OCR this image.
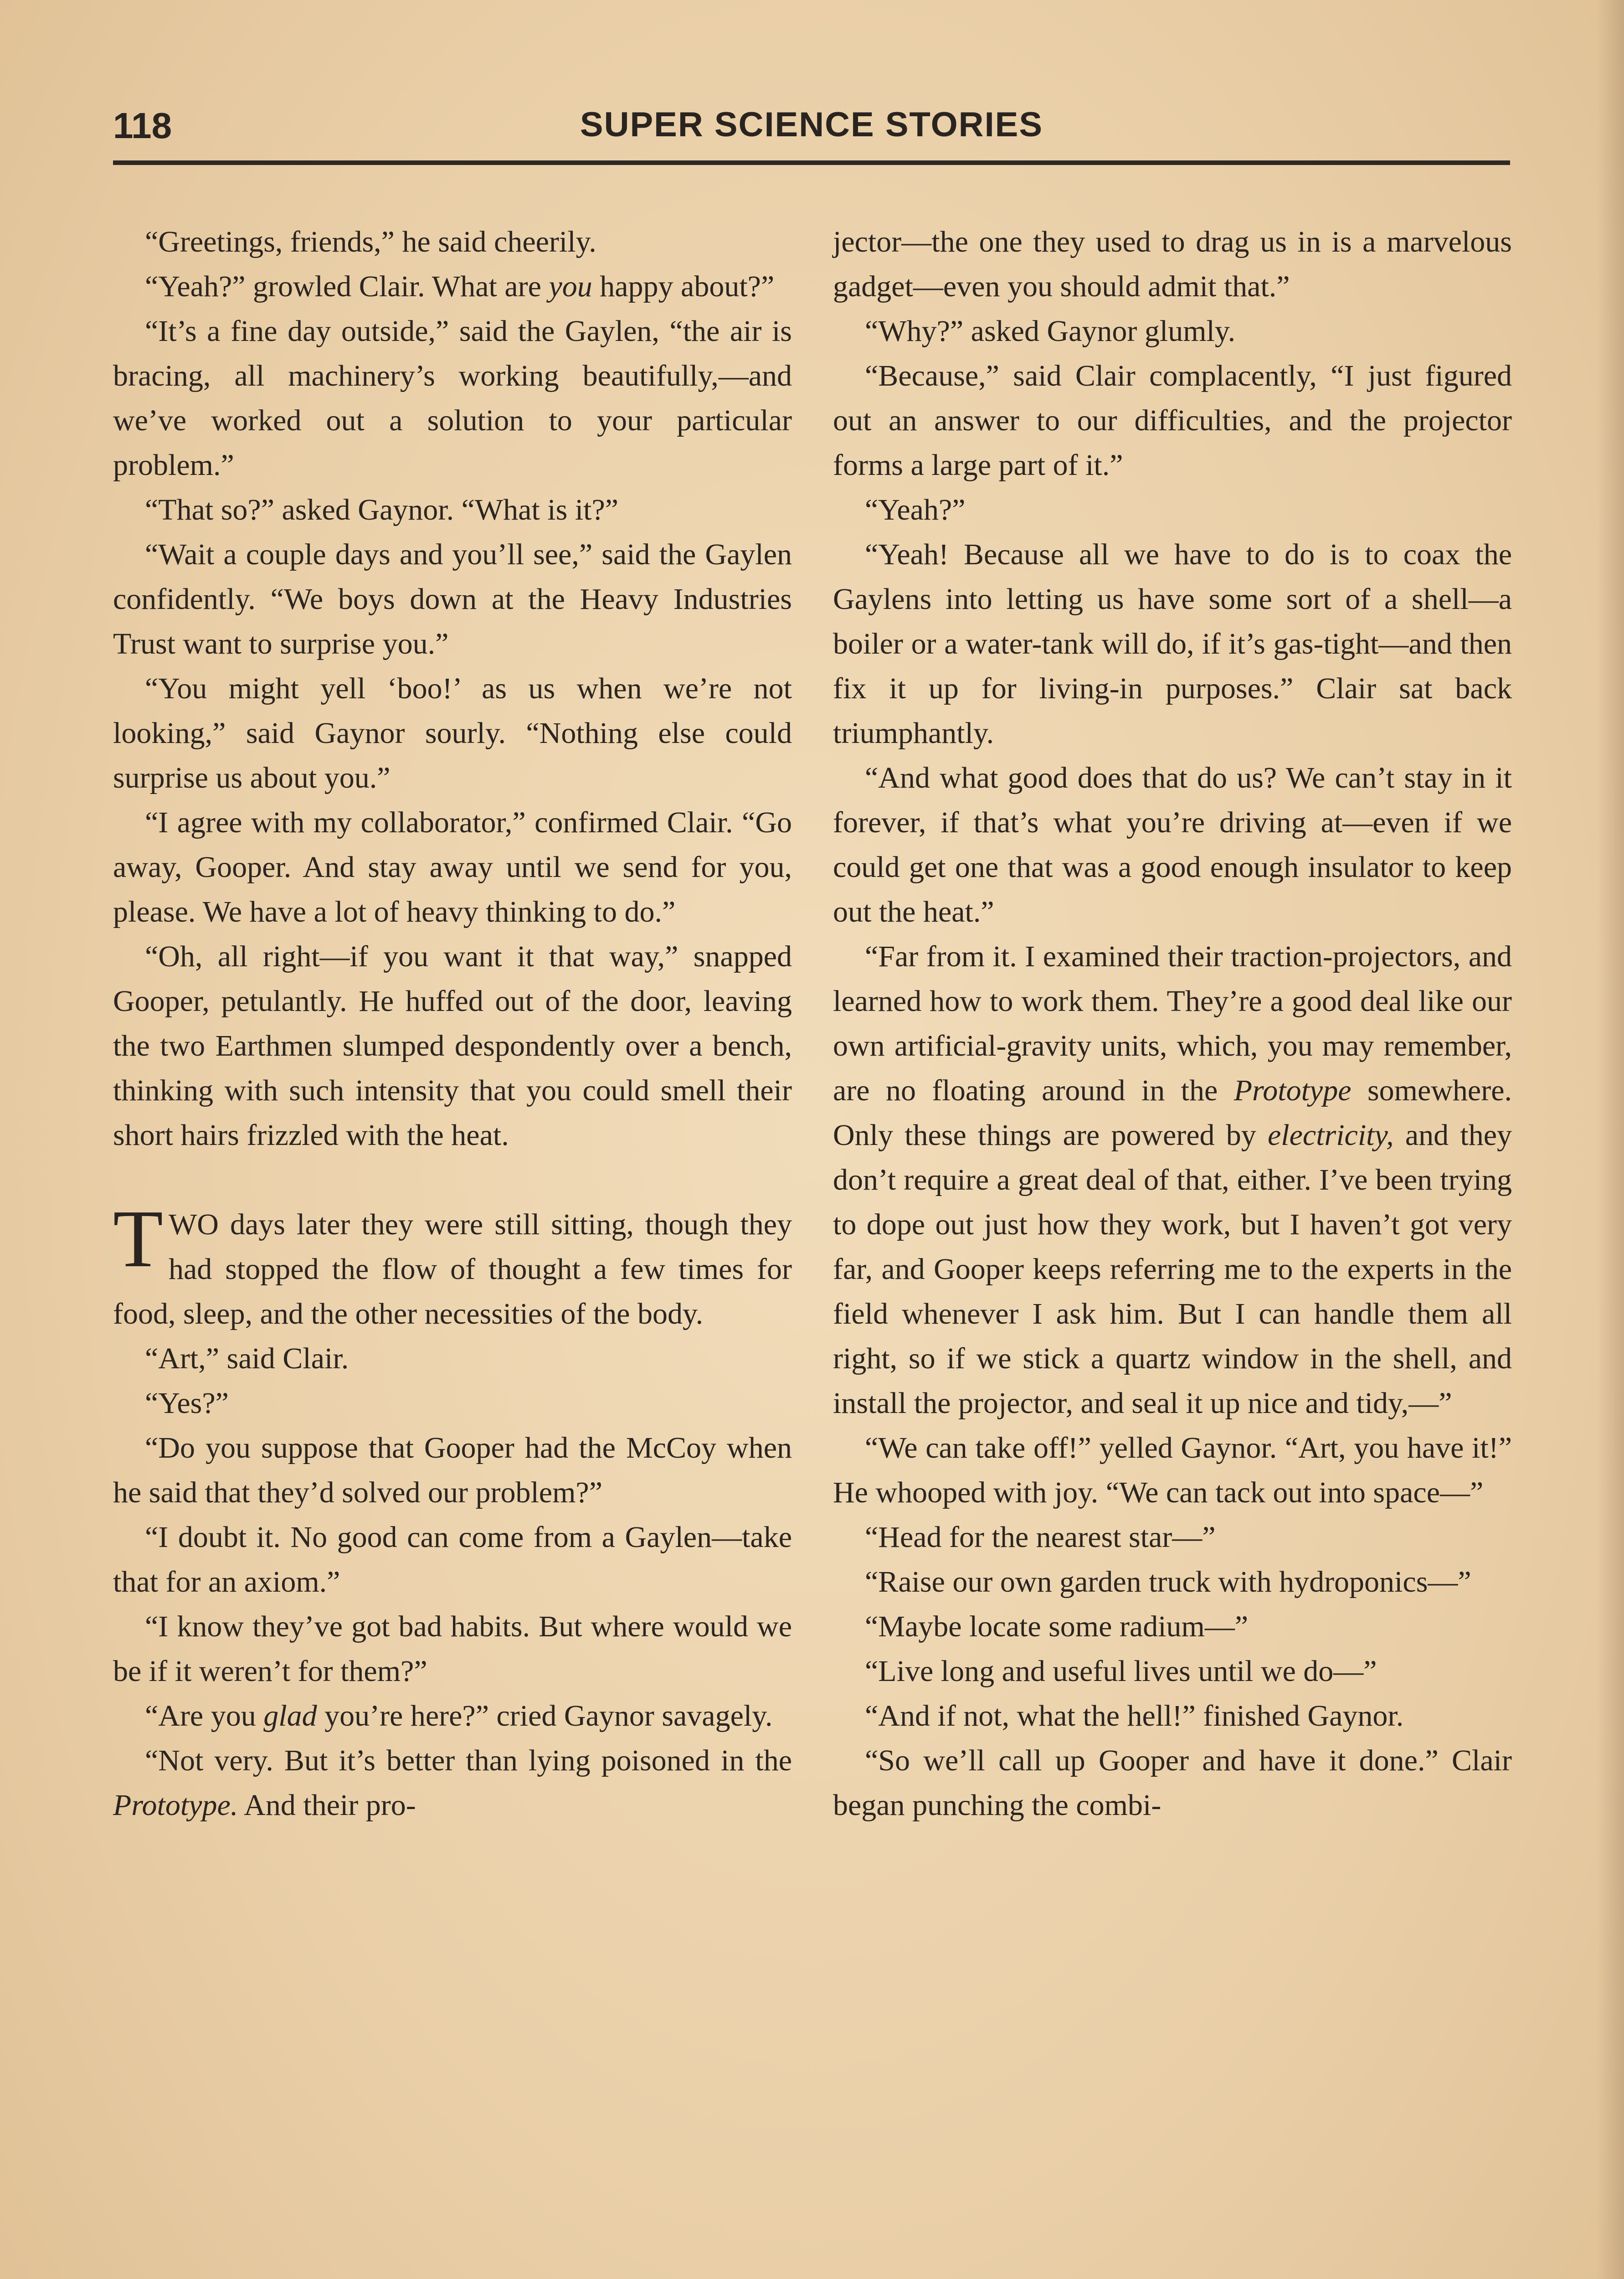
118	SUPER SCIENCE STORIES

“Greetings, friends,” he said cheerily.

“Yeah?” growled Clair. What are you happy about?”

“It’s a fine day outside,” said the Gaylen, “the air is bracing, all machinery’s working beautifully,—and we’ve worked out a solution to your particular problem.”

“That so?” asked Gaynor. “What is it?”

“Wait a couple days and you’ll see,” said the Gaylen confidently. “We boys down at the Heavy Industries Trust want to surprise you.”

“You might yell ‘boo!’ as us when we’re not looking,” said Gaynor sourly. “Nothing else could surprise us about you.”

“I agree with my collaborator,” confirmed Clair. “Go away, Gooper. And stay away until we send for you, please. We have a lot of heavy thinking to do.”

“Oh, all right—if you want it that way,” snapped Gooper, petulantly. He huffed out of the door, leaving the two Earthmen slumped despondently over a bench, thinking with such intensity that you could smell their short hairs frizzled with the heat.

TWO days later they were still sitting, though they had stopped the flow of thought a few times for food, sleep, and the other necessities of the body.

“Art,” said Clair.

“Yes?”

“Do you suppose that Gooper had the McCoy when he said that they’d solved our problem?”

“I doubt it. No good can come from a Gaylen—take that for an axiom.”

“I know they’ve got bad habits. But where would we be if it weren’t for them?”

“Are you glad you’re here?” cried Gaynor savagely.

“Not very. But it’s better than lying poisoned in the Prototype. And their pro-

jector—the one they used to drag us in is a marvelous gadget—even you should admit that.”

“Why?” asked Gaynor glumly.

“Because,” said Clair complacently, “I just figured out an answer to our difficulties, and the projector forms a large part of it.”

“Yeah?”

“Yeah! Because all we have to do is to coax the Gaylens into letting us have some sort of a shell—a boiler or a water-tank will do, if it’s gas-tight—and then fix it up for living-in purposes.” Clair sat back triumphantly.

“And what good does that do us? We can’t stay in it forever, if that’s what you’re driving at—even if we could get one that was a good enough insulator to keep out the heat.”

“Far from it. I examined their traction-projectors, and learned how to work them. They’re a good deal like our own artificial-gravity units, which, you may remember, are no floating around in the Prototype somewhere. Only these things are powered by electricity, and they don’t require a great deal of that, either. I’ve been trying to dope out just how they work, but I haven’t got very far, and Gooper keeps referring me to the experts in the field whenever I ask him. But I can handle them all right, so if we stick a quartz window in the shell, and install the projector, and seal it up nice and tidy,—”

“We can take off!” yelled Gaynor. “Art, you have it!” He whooped with joy. “We can tack out into space—”

“Head for the nearest star—”

“Raise our own garden truck with hydroponics—”

“Maybe locate some radium—”

“Live long and useful lives until we do—”

“And if not, what the hell!” finished Gaynor.

“So we’ll call up Gooper and have it done.” Clair began punching the combi-
